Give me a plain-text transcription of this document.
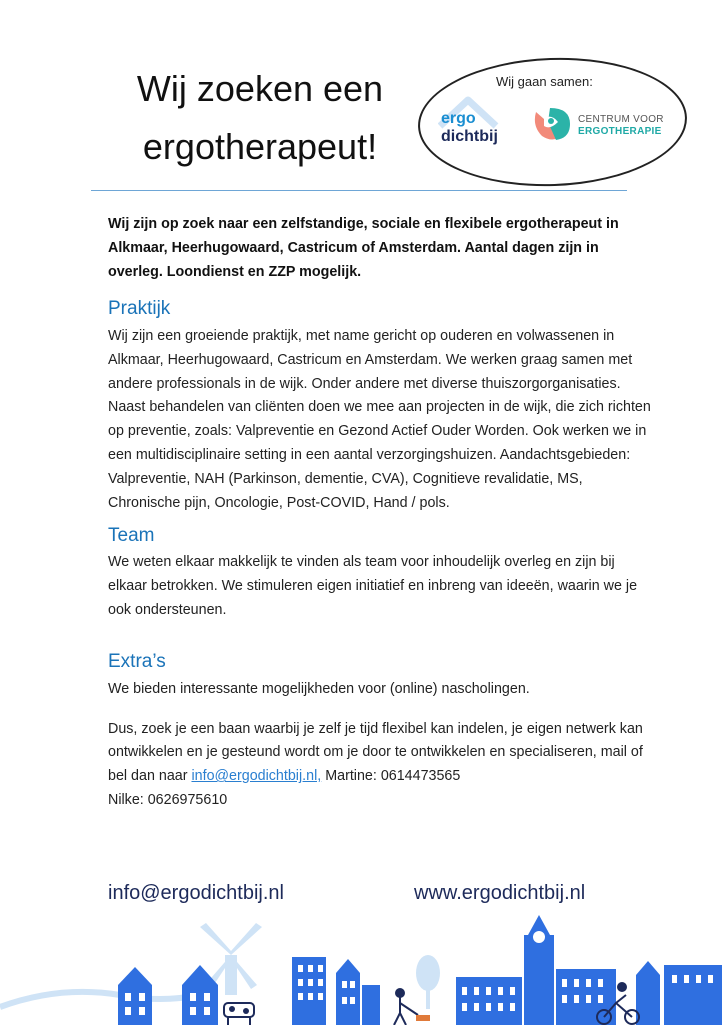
Wij zoeken een
ergotherapeut!
Wij gaan samen:
ergo
dichtbij
CENTRUM VOOR
ERGOTHERAPIE

Wij zijn op zoek naar een zelfstandige, sociale en flexibele ergotherapeut in Alkmaar, Heerhugowaard, Castricum of Amsterdam. Aantal dagen zijn in overleg. Loondienst en ZZP mogelijk.

Praktijk

Wij zijn een groeiende praktijk, met name gericht op ouderen en volwassenen in Alkmaar, Heerhugowaard, Castricum en Amsterdam. We werken graag samen met andere professionals in de wijk. Onder andere met diverse thuiszorgorganisaties. Naast behandelen van cliënten doen we mee aan projecten in de wijk, die zich richten op preventie, zoals: Valpreventie en Gezond Actief Ouder Worden. Ook werken we in een multidisciplinaire setting in een aantal verzorgingshuizen. Aandachtsgebieden: Valpreventie, NAH (Parkinson, dementie, CVA), Cognitieve revalidatie, MS, Chronische pijn, Oncologie, Post-COVID, Hand / pols.

Team

We weten elkaar makkelijk te vinden als team voor inhoudelijk overleg en zijn bij elkaar betrokken. We stimuleren eigen initiatief en inbreng van ideeën, waarin we je ook ondersteunen.

Extra’s

We bieden interessante mogelijkheden voor (online) nascholingen.

Dus, zoek je een baan waarbij je zelf je tijd flexibel kan indelen, je eigen netwerk kan ontwikkelen en je gesteund wordt om je door te ontwikkelen en specialiseren, mail of bel dan naar info@ergodichtbij.nl, Martine: 0614473565
Nilke: 0626975610

info@ergodichtbij.nl	www.ergodichtbij.nl
